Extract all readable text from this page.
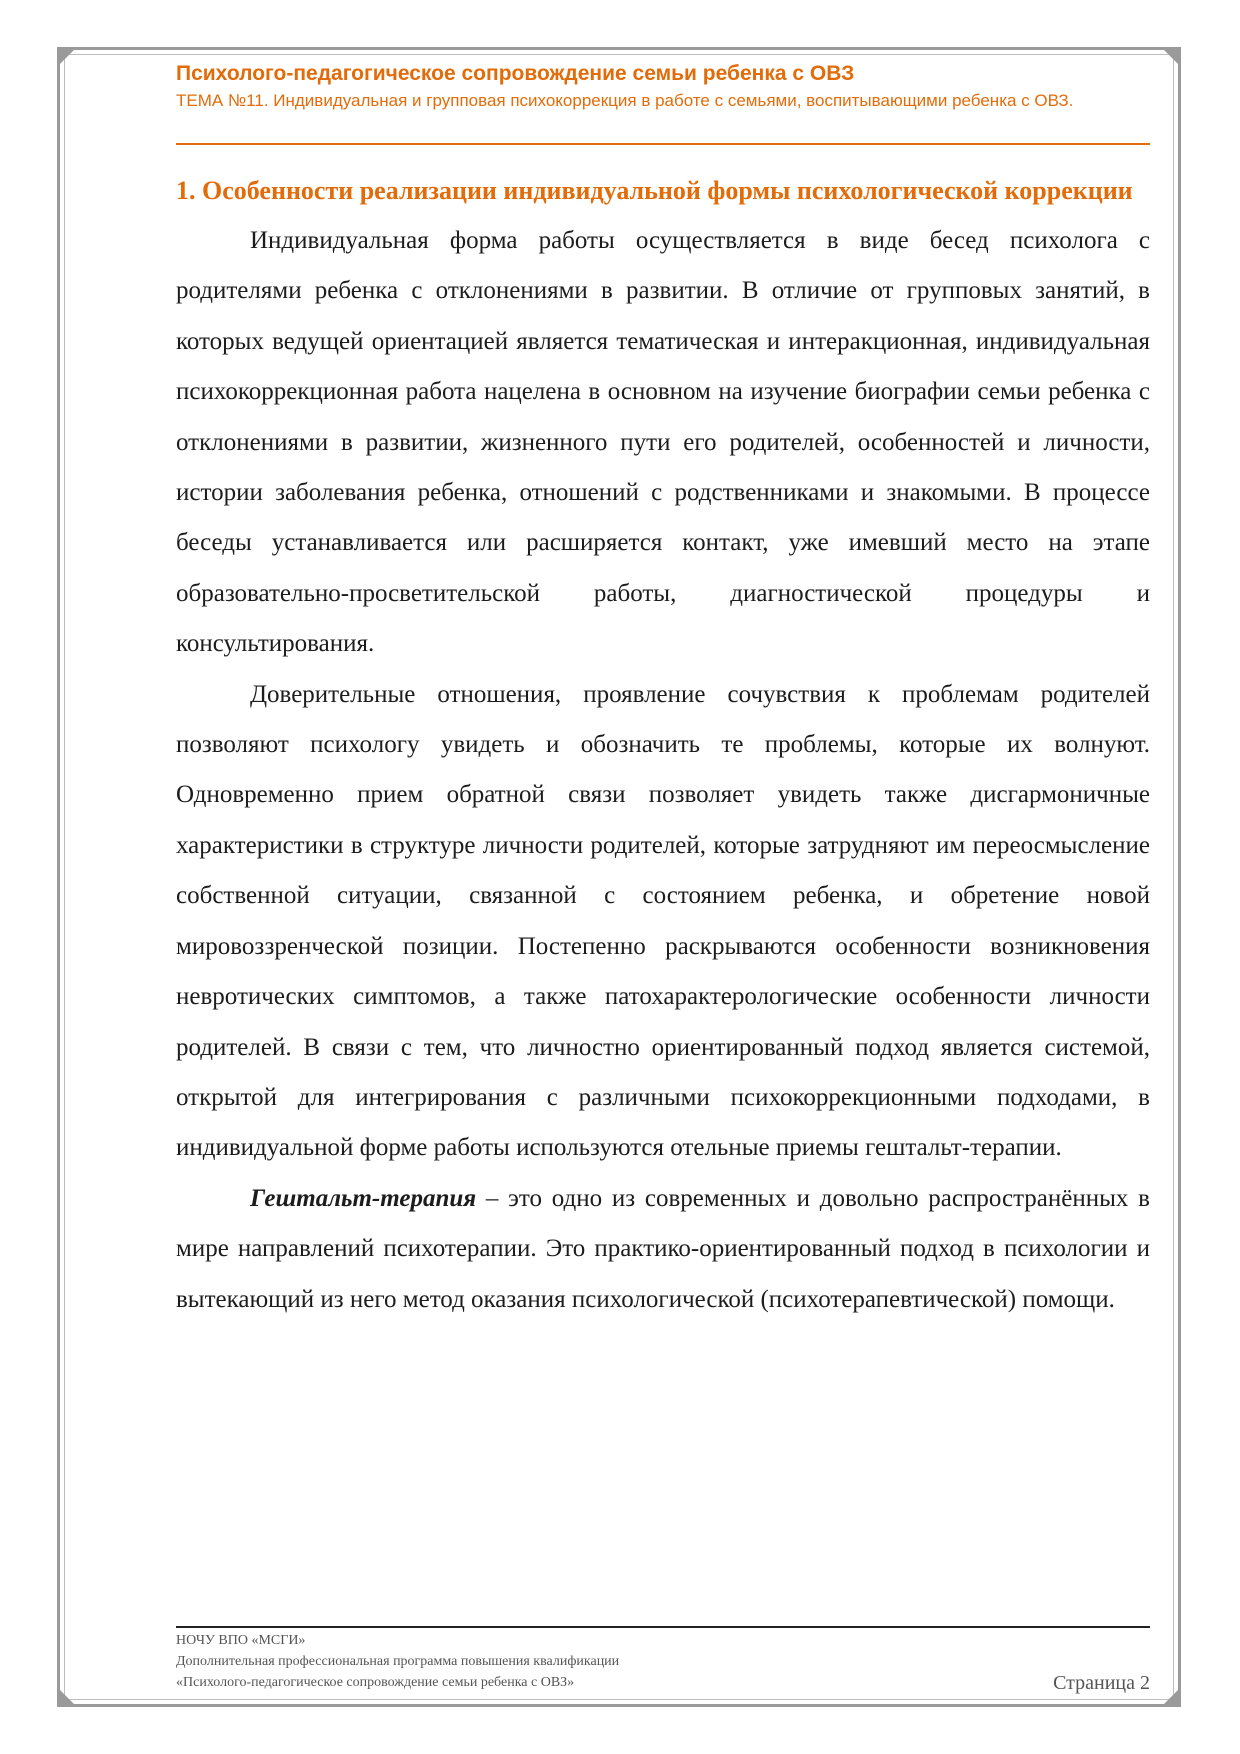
Психолого-педагогическое сопровождение семьи ребенка с ОВЗ
ТЕМА №11. Индивидуальная и групповая психокоррекция в работе с семьями, воспитывающими ребенка с ОВЗ.
1. Особенности реализации индивидуальной формы психологической коррекции

Индивидуальная форма работы осуществляется в виде бесед психолога с родителями ребенка с отклонениями в развитии. В отличие от групповых занятий, в которых ведущей ориентацией является тематическая и интеракционная, индивидуальная психокоррекционная работа нацелена в основном на изучение биографии семьи ребенка с отклонениями в развитии, жизненного пути его родителей, особенностей и личности, истории заболевания ребенка, отношений с родственниками и знакомыми. В процессе беседы устанавливается или расширяется контакт, уже имевший место на этапе образовательно-просветительской работы, диагностической процедуры и консультирования.

Доверительные отношения, проявление сочувствия к проблемам родителей позволяют психологу увидеть и обозначить те проблемы, которые их волнуют. Одновременно прием обратной связи позволяет увидеть также дисгармоничные характеристики в структуре личности родителей, которые затрудняют им переосмысление собственной ситуации, связанной с состоянием ребенка, и обретение новой мировоззренческой позиции. Постепенно раскрываются особенности возникновения невротических симптомов, а также патохарактерологические особенности личности родителей. В связи с тем, что личностно ориентированный подход является системой, открытой для интегрирования с различными психокоррекционными подходами, в индивидуальной форме работы используются отельные приемы гештальт-терапии.

Гештальт-терапия – это одно из современных и довольно распространённых в мире направлений психотерапии. Это практико-ориентированный подход в психологии и вытекающий из него метод оказания психологической (психотерапевтической) помощи.

НОЧУ ВПО «МСГИ»
Дополнительная профессиональная программа повышения квалификации
«Психолого-педагогическое сопровождение семьи ребенка с ОВЗ»	Страница 2
